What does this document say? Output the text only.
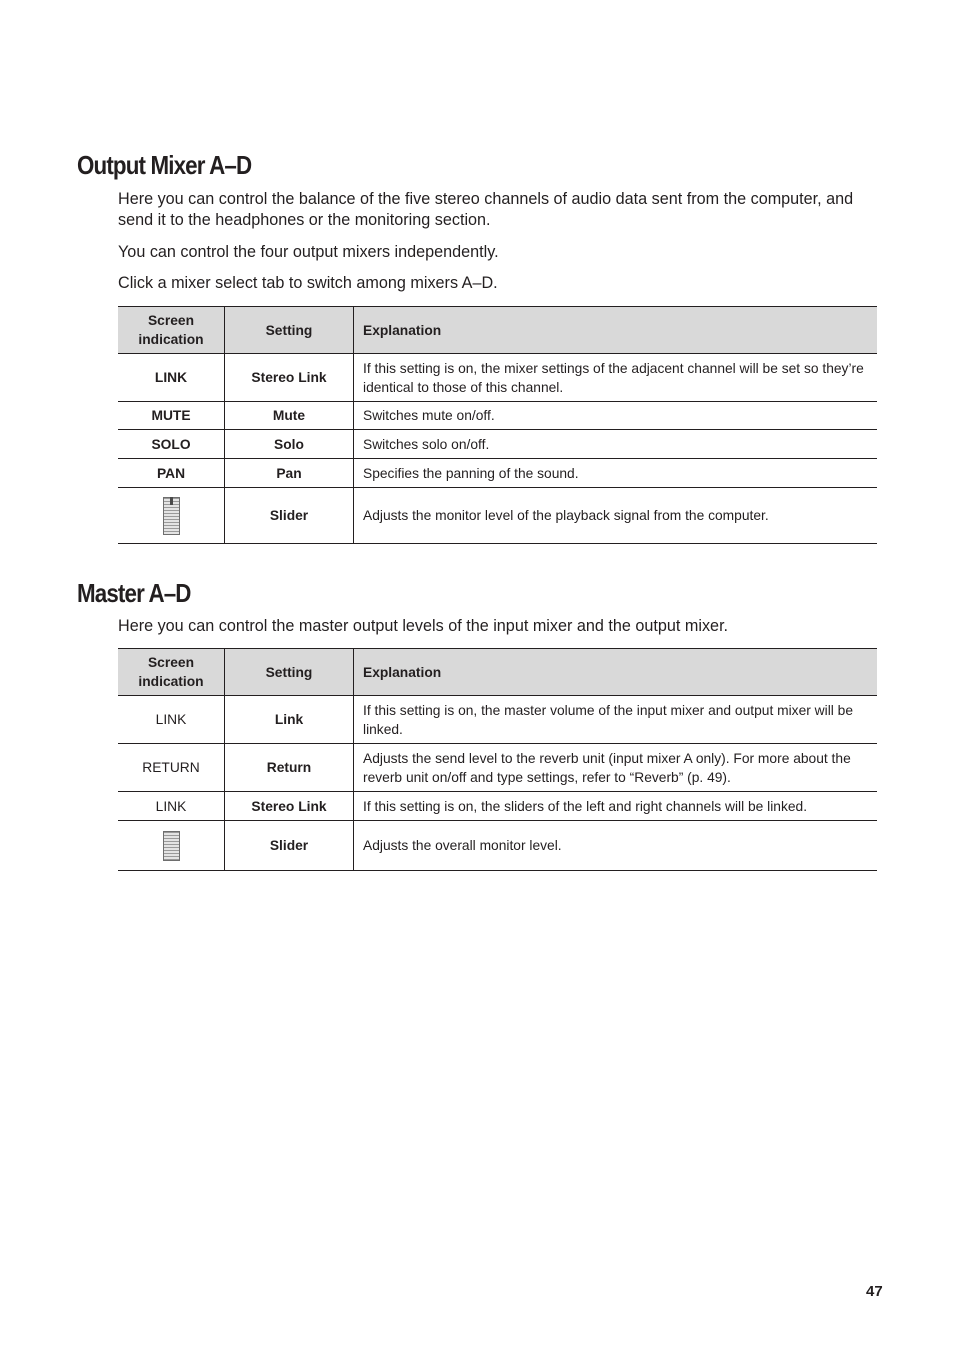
Output Mixer A–D

Here you can control the balance of the five stereo channels of audio data sent from the computer, and send it to the headphones or the monitoring section.

You can control the four output mixers independently.

Click a mixer select tab to switch among mixers A–D.

Screen indication	Setting	Explanation
LINK	Stereo Link	If this setting is on, the mixer settings of the adjacent channel will be set so they’re identical to those of this channel.
MUTE	Mute	Switches mute on/off.
SOLO	Solo	Switches solo on/off.
PAN	Pan	Specifies the panning of the sound.

	Slider	Adjusts the monitor level of the playback signal from the computer.
Master A–D

Here you can control the master output levels of the input mixer and the output mixer.

Screen indication	Setting	Explanation
LINK	Link	If this setting is on, the master volume of the input mixer and output mixer will be linked.
RETURN	Return	Adjusts the send level to the reverb unit (input mixer A only). For more about the reverb unit on/off and type settings, refer to “Reverb” (p. 49).
LINK	Stereo Link	If this setting is on, the sliders of the left and right channels will be linked.
	Slider	Adjusts the overall monitor level.
47
